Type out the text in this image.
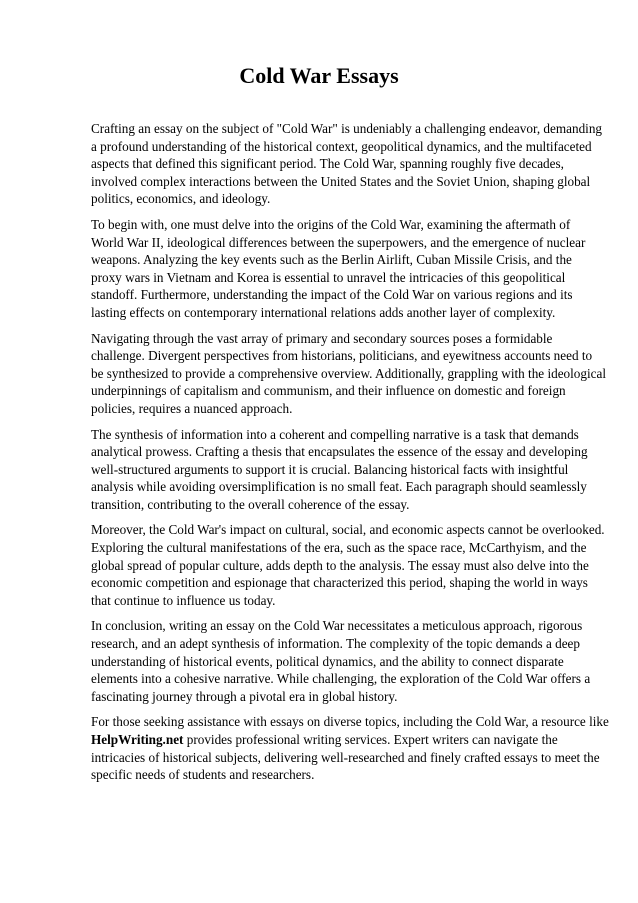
Cold War Essays

Crafting an essay on the subject of "Cold War" is undeniably a challenging endeavor, demanding
a profound understanding of the historical context, geopolitical dynamics, and the multifaceted
aspects that defined this significant period. The Cold War, spanning roughly five decades,
involved complex interactions between the United States and the Soviet Union, shaping global
politics, economics, and ideology.

To begin with, one must delve into the origins of the Cold War, examining the aftermath of
World War II, ideological differences between the superpowers, and the emergence of nuclear
weapons. Analyzing the key events such as the Berlin Airlift, Cuban Missile Crisis, and the
proxy wars in Vietnam and Korea is essential to unravel the intricacies of this geopolitical
standoff. Furthermore, understanding the impact of the Cold War on various regions and its
lasting effects on contemporary international relations adds another layer of complexity.

Navigating through the vast array of primary and secondary sources poses a formidable
challenge. Divergent perspectives from historians, politicians, and eyewitness accounts need to
be synthesized to provide a comprehensive overview. Additionally, grappling with the ideological
underpinnings of capitalism and communism, and their influence on domestic and foreign
policies, requires a nuanced approach.

The synthesis of information into a coherent and compelling narrative is a task that demands
analytical prowess. Crafting a thesis that encapsulates the essence of the essay and developing
well-structured arguments to support it is crucial. Balancing historical facts with insightful
analysis while avoiding oversimplification is no small feat. Each paragraph should seamlessly
transition, contributing to the overall coherence of the essay.

Moreover, the Cold War's impact on cultural, social, and economic aspects cannot be overlooked.
Exploring the cultural manifestations of the era, such as the space race, McCarthyism, and the
global spread of popular culture, adds depth to the analysis. The essay must also delve into the
economic competition and espionage that characterized this period, shaping the world in ways
that continue to influence us today.

In conclusion, writing an essay on the Cold War necessitates a meticulous approach, rigorous
research, and an adept synthesis of information. The complexity of the topic demands a deep
understanding of historical events, political dynamics, and the ability to connect disparate
elements into a cohesive narrative. While challenging, the exploration of the Cold War offers a
fascinating journey through a pivotal era in global history.

For those seeking assistance with essays on diverse topics, including the Cold War, a resource like
HelpWriting.net provides professional writing services. Expert writers can navigate the
intricacies of historical subjects, delivering well-researched and finely crafted essays to meet the
specific needs of students and researchers.
